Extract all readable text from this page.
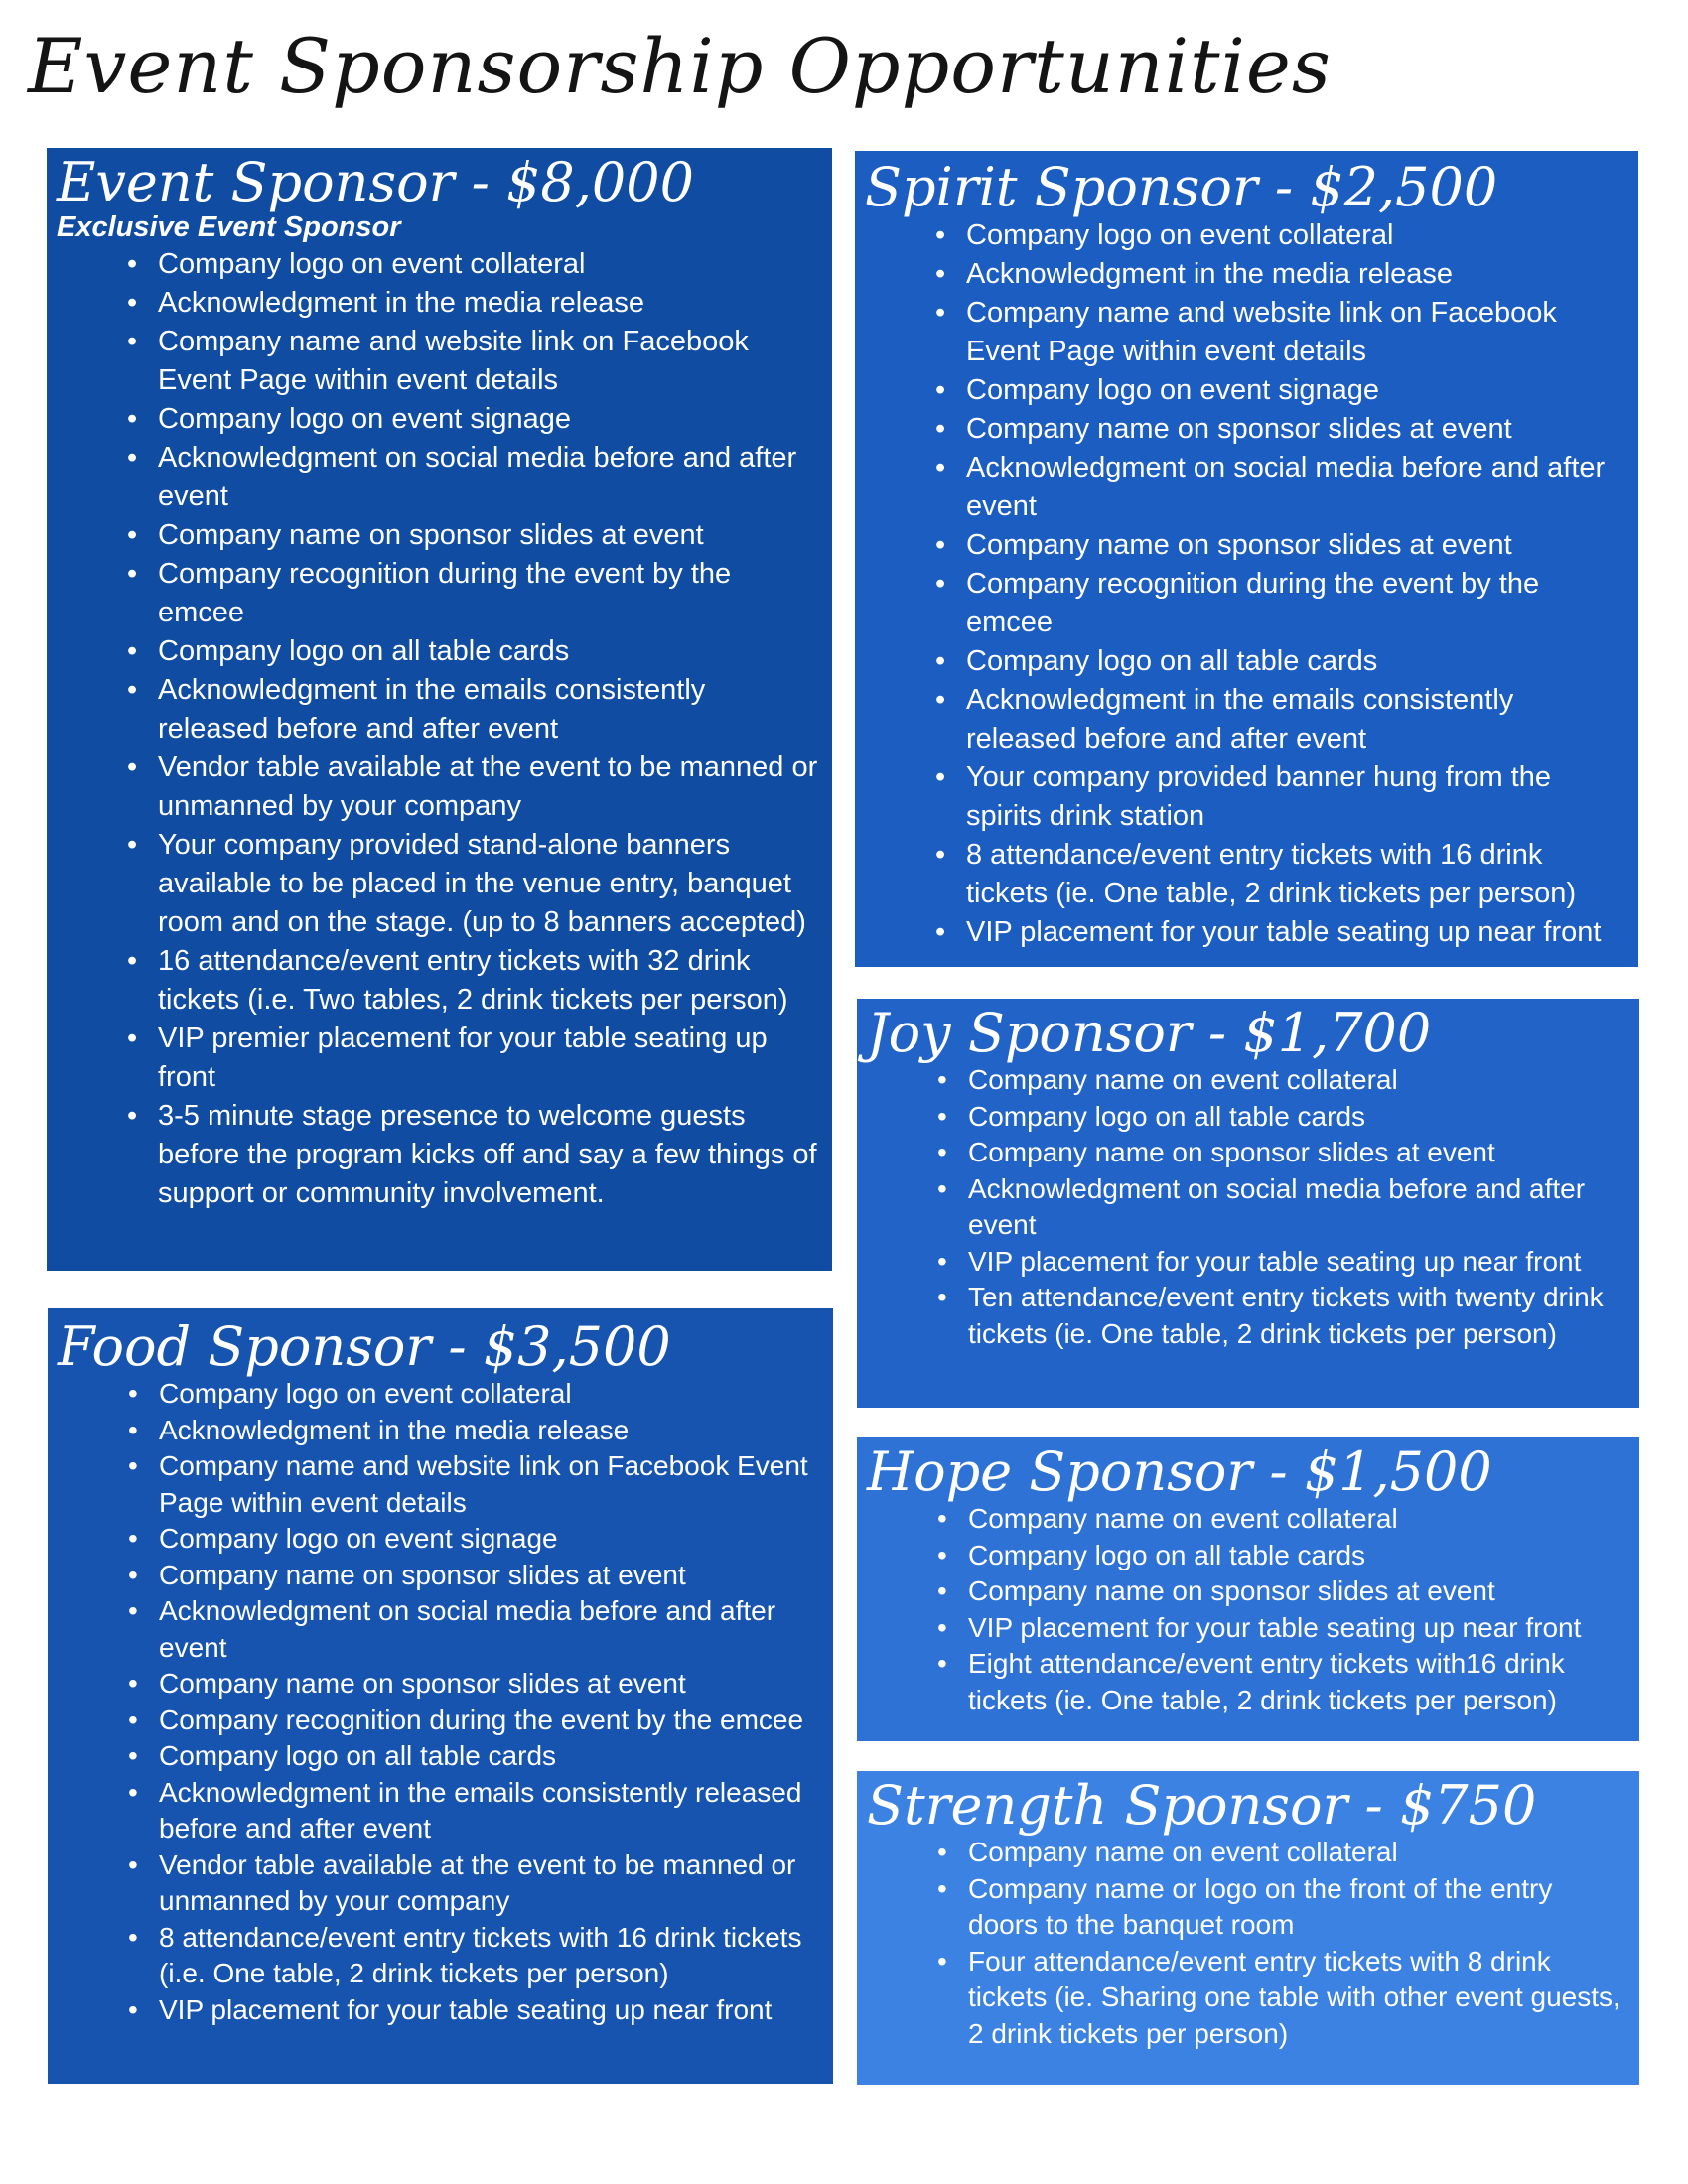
Event Sponsorship Opportunities
Event Sponsor - $8,000
Exclusive Event Sponsor
• Company logo on event collateral
• Acknowledgment in the media release
• Company name and website link on Facebook Event Page within event details
• Company logo on event signage
• Acknowledgment on social media before and after event
• Company name on sponsor slides at event
• Company recognition during the event by the emcee
• Company logo on all table cards
• Acknowledgment in the emails consistently released before and after event
• Vendor table available at the event to be manned or unmanned by your company
• Your company provided stand-alone banners available to be placed in the venue entry, banquet room and on the stage. (up to 8 banners accepted)
• 16 attendance/event entry tickets with 32 drink tickets (i.e. Two tables, 2 drink tickets per person)
• VIP premier placement for your table seating up front
• 3-5 minute stage presence to welcome guests before the program kicks off and say a few things of support or community involvement.
Food Sponsor - $3,500
• Company logo on event collateral
• Acknowledgment in the media release
• Company name and website link on Facebook Event Page within event details
• Company logo on event signage
• Company name on sponsor slides at event
• Acknowledgment on social media before and after event
• Company name on sponsor slides at event
• Company recognition during the event by the emcee
• Company logo on all table cards
• Acknowledgment in the emails consistently released before and after event
• Vendor table available at the event to be manned or unmanned by your company
• 8 attendance/event entry tickets with 16 drink tickets (i.e. One table, 2 drink tickets per person)
• VIP placement for your table seating up near front
Spirit Sponsor - $2,500
• Company logo on event collateral
• Acknowledgment in the media release
• Company name and website link on Facebook Event Page within event details
• Company logo on event signage
• Company name on sponsor slides at event
• Acknowledgment on social media before and after event
• Company name on sponsor slides at event
• Company recognition during the event by the emcee
• Company logo on all table cards
• Acknowledgment in the emails consistently released before and after event
• Your company provided banner hung from the spirits drink station
• 8 attendance/event entry tickets with 16 drink tickets (ie. One table, 2 drink tickets per person)
• VIP placement for your table seating up near front
Joy Sponsor - $1,700
• Company name on event collateral
• Company logo on all table cards
• Company name on sponsor slides at event
• Acknowledgment on social media before and after event
• VIP placement for your table seating up near front
• Ten attendance/event entry tickets with twenty drink tickets (ie. One table, 2 drink tickets per person)
Hope Sponsor - $1,500
• Company name on event collateral
• Company logo on all table cards
• Company name on sponsor slides at event
• VIP placement for your table seating up near front
• Eight attendance/event entry tickets with16 drink tickets (ie. One table, 2 drink tickets per person)
Strength Sponsor - $750
• Company name on event collateral
• Company name or logo on the front of the entry doors to the banquet room
• Four attendance/event entry tickets with 8 drink tickets (ie. Sharing one table with other event guests, 2 drink tickets per person)
